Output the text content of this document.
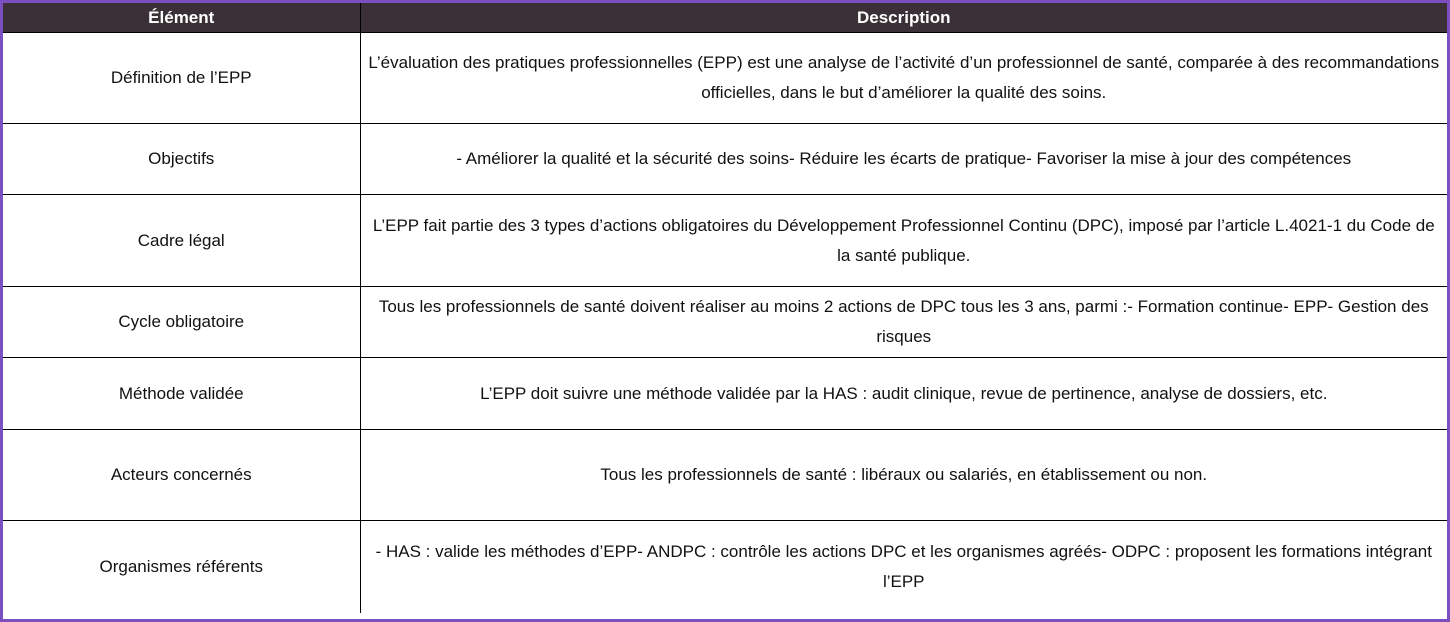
Élément	Description
Définition de l’EPP	L’évaluation des pratiques professionnelles (EPP) est une analyse de l’activité d’un professionnel de santé, comparée à des recommandations officielles, dans le but d’améliorer la qualité des soins.
Objectifs	- Améliorer la qualité et la sécurité des soins- Réduire les écarts de pratique- Favoriser la mise à jour des compétences
Cadre légal	L’EPP fait partie des 3 types d’actions obligatoires du Développement Professionnel Continu (DPC), imposé par l’article L.4021-1 du Code de la santé publique.
Cycle obligatoire	Tous les professionnels de santé doivent réaliser au moins 2 actions de DPC tous les 3 ans, parmi :- Formation continue- EPP- Gestion des risques
Méthode validée	L’EPP doit suivre une méthode validée par la HAS : audit clinique, revue de pertinence, analyse de dossiers, etc.
Acteurs concernés	Tous les professionnels de santé : libéraux ou salariés, en établissement ou non.
Organismes référents	- HAS : valide les méthodes d’EPP- ANDPC : contrôle les actions DPC et les organismes agréés- ODPC : proposent les formations intégrant l’EPP
